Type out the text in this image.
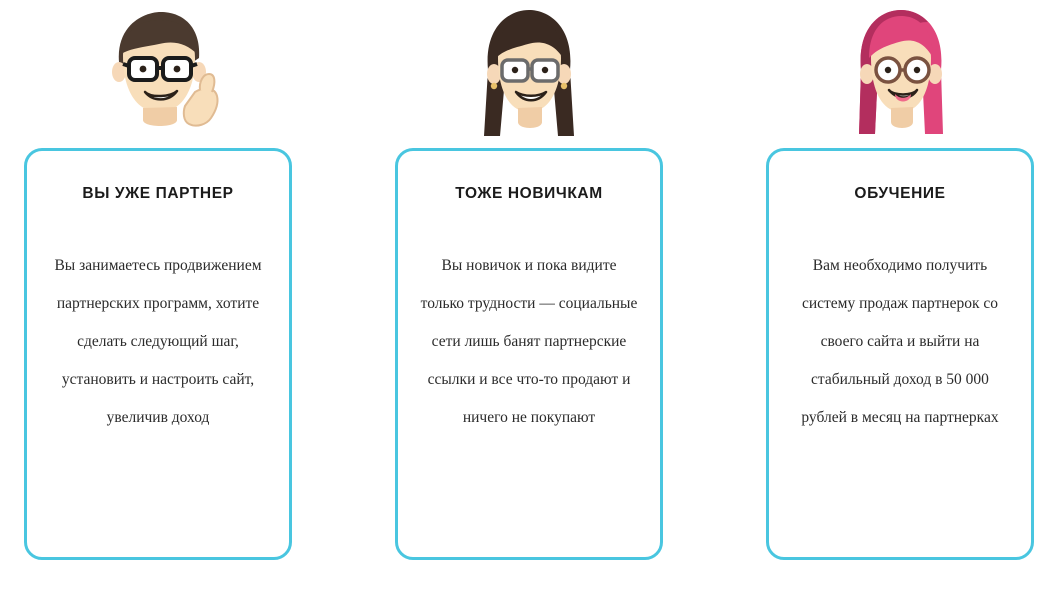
ВЫ УЖЕ ПАРТНЕР
Вы занимаетесь продвижением партнерских программ, хотите сделать следующий шаг, установить и настроить сайт, увеличив доход
ТОЖЕ НОВИЧКАМ
Вы новичок и пока видите только трудности — социальные сети лишь банят партнерские ссылки и все что-то продают и ничего не покупают
ОБУЧЕНИЕ
Вам необходимо получить систему продаж партнерок со своего сайта и выйти на стабильный доход в 50 000 рублей в месяц на партнерках
